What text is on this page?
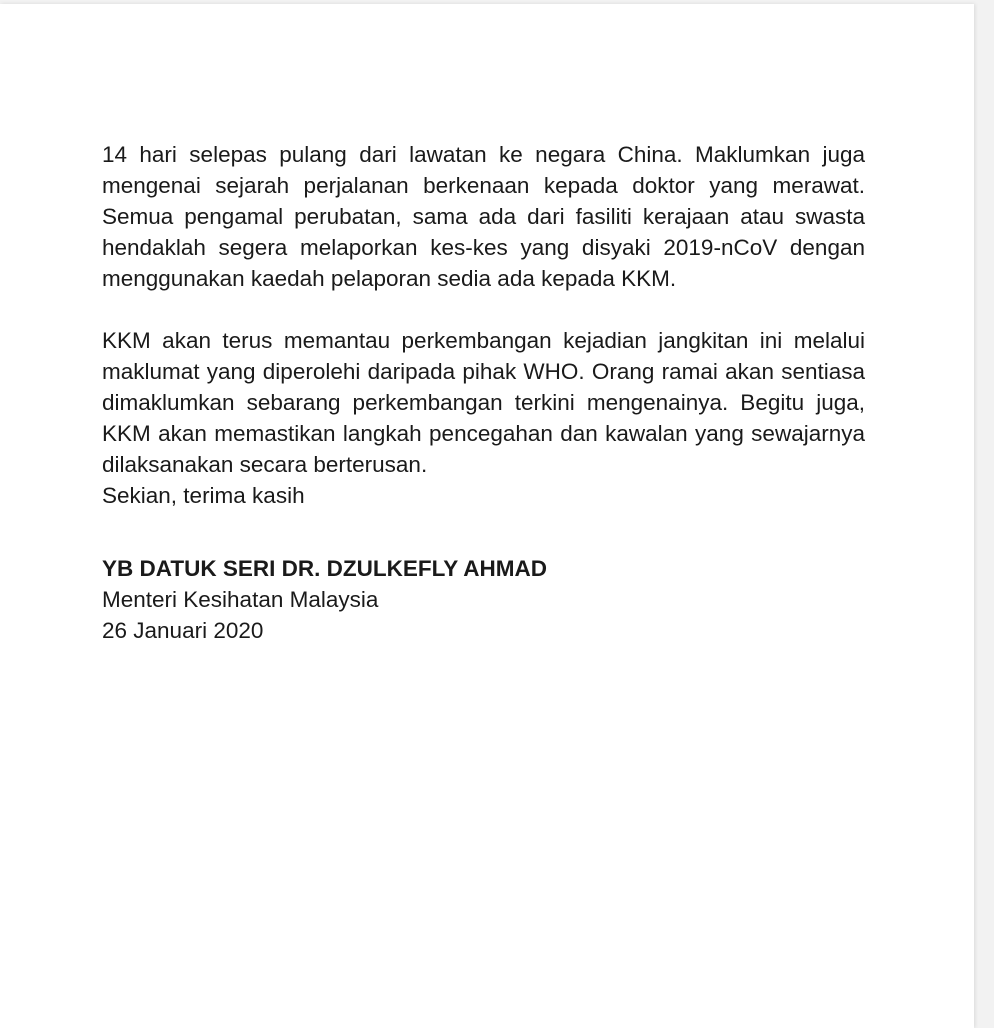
14 hari selepas pulang dari lawatan ke negara China. Maklumkan juga mengenai sejarah perjalanan berkenaan kepada doktor yang merawat. Semua pengamal perubatan, sama ada dari fasiliti kerajaan atau swasta hendaklah segera melaporkan kes-kes yang disyaki 2019-nCoV dengan menggunakan kaedah pelaporan sedia ada kepada KKM.

KKM akan terus memantau perkembangan kejadian jangkitan ini melalui maklumat yang diperolehi daripada pihak WHO. Orang ramai akan sentiasa dimaklumkan sebarang perkembangan terkini mengenainya. Begitu juga, KKM akan memastikan langkah pencegahan dan kawalan yang sewajarnya dilaksanakan secara berterusan.

Sekian, terima kasih

YB DATUK SERI DR. DZULKEFLY AHMAD

Menteri Kesihatan Malaysia

26 Januari 2020
